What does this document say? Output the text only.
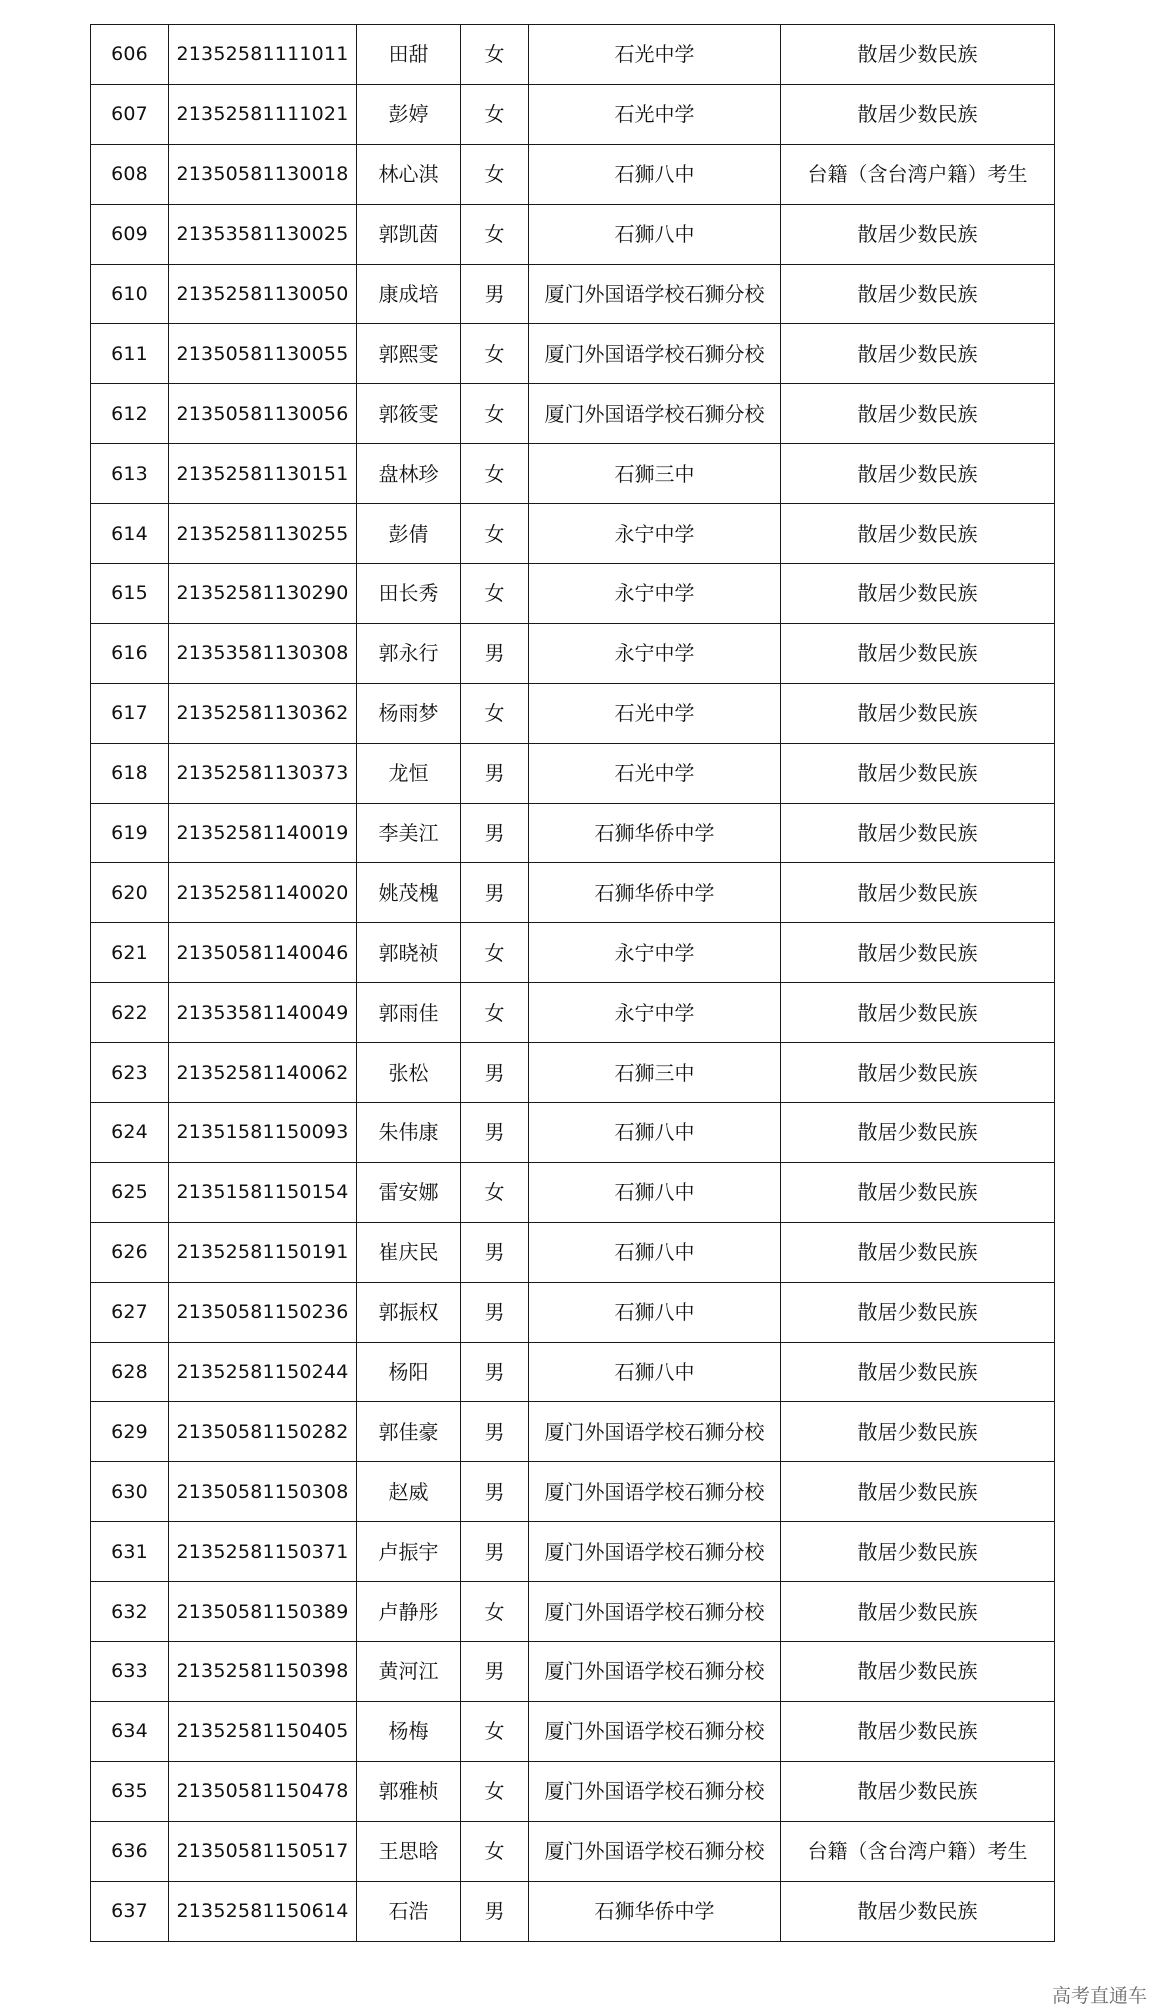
606	21352581111011	田甜	女	石光中学	散居少数民族
607	21352581111021	彭婷	女	石光中学	散居少数民族
608	21350581130018	林心淇	女	石狮八中	台籍（含台湾户籍）考生
609	21353581130025	郭凯茵	女	石狮八中	散居少数民族
610	21352581130050	康成培	男	厦门外国语学校石狮分校	散居少数民族
611	21350581130055	郭熙雯	女	厦门外国语学校石狮分校	散居少数民族
612	21350581130056	郭筱雯	女	厦门外国语学校石狮分校	散居少数民族
613	21352581130151	盘林珍	女	石狮三中	散居少数民族
614	21352581130255	彭倩	女	永宁中学	散居少数民族
615	21352581130290	田长秀	女	永宁中学	散居少数民族
616	21353581130308	郭永行	男	永宁中学	散居少数民族
617	21352581130362	杨雨梦	女	石光中学	散居少数民族
618	21352581130373	龙恒	男	石光中学	散居少数民族
619	21352581140019	李美江	男	石狮华侨中学	散居少数民族
620	21352581140020	姚茂槐	男	石狮华侨中学	散居少数民族
621	21350581140046	郭晓祯	女	永宁中学	散居少数民族
622	21353581140049	郭雨佳	女	永宁中学	散居少数民族
623	21352581140062	张松	男	石狮三中	散居少数民族
624	21351581150093	朱伟康	男	石狮八中	散居少数民族
625	21351581150154	雷安娜	女	石狮八中	散居少数民族
626	21352581150191	崔庆民	男	石狮八中	散居少数民族
627	21350581150236	郭振权	男	石狮八中	散居少数民族
628	21352581150244	杨阳	男	石狮八中	散居少数民族
629	21350581150282	郭佳豪	男	厦门外国语学校石狮分校	散居少数民族
630	21350581150308	赵威	男	厦门外国语学校石狮分校	散居少数民族
631	21352581150371	卢振宇	男	厦门外国语学校石狮分校	散居少数民族
632	21350581150389	卢静彤	女	厦门外国语学校石狮分校	散居少数民族
633	21352581150398	黄河江	男	厦门外国语学校石狮分校	散居少数民族
634	21352581150405	杨梅	女	厦门外国语学校石狮分校	散居少数民族
635	21350581150478	郭雅桢	女	厦门外国语学校石狮分校	散居少数民族
636	21350581150517	王思晗	女	厦门外国语学校石狮分校	台籍（含台湾户籍）考生
637	21352581150614	石浩	男	石狮华侨中学	散居少数民族
高考直通车
